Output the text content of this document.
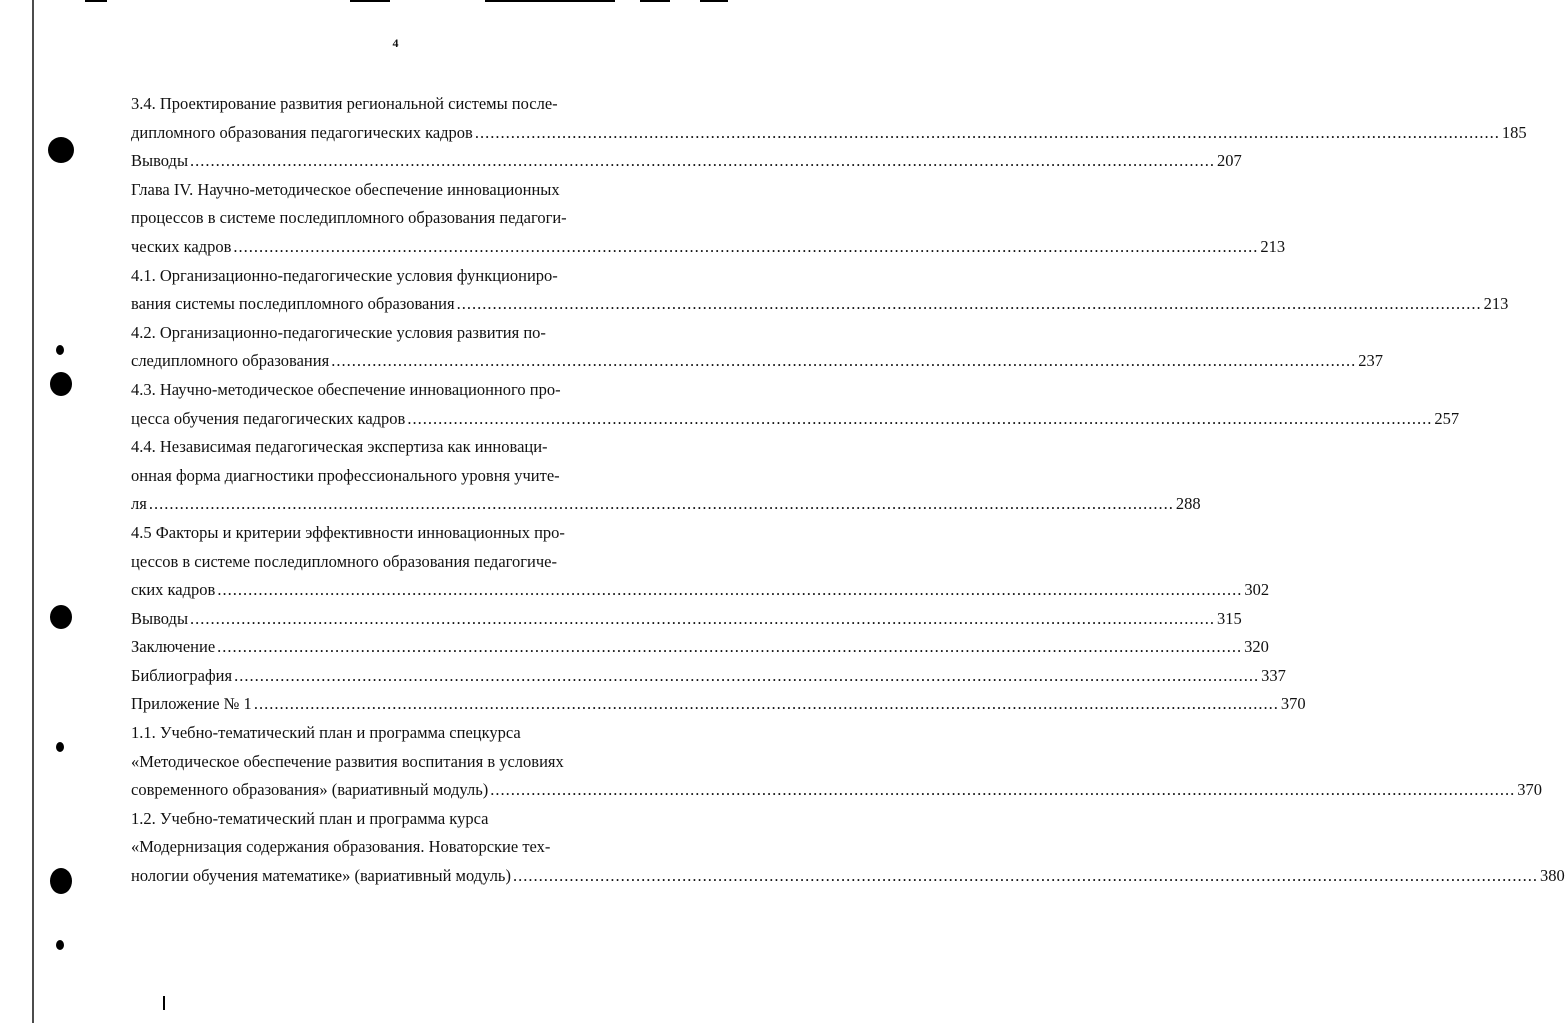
4
3.4. Проектирование развития региональной системы после-
дипломного образования педагогических кадров ........................................................................................................................................................................................................ 185
Выводы ........................................................................................................................................................................................................ 207
Глава IV. Научно-методическое обеспечение инновационных
процессов в системе последипломного образования педагоги-
ческих кадров ........................................................................................................................................................................................................ 213
4.1. Организационно-педагогические условия функциониро-
вания системы последипломного образования ........................................................................................................................................................................................................ 213
4.2. Организационно-педагогические условия развития по-
следипломного образования ........................................................................................................................................................................................................ 237
4.3. Научно-методическое обеспечение инновационного про-
цесса обучения педагогических кадров ........................................................................................................................................................................................................ 257
4.4. Независимая педагогическая экспертиза как инноваци-
онная форма диагностики профессионального уровня учите-
ля ........................................................................................................................................................................................................ 288
4.5 Факторы и критерии эффективности инновационных про-
цессов в системе последипломного образования педагогиче-
ских кадров ........................................................................................................................................................................................................ 302
Выводы ........................................................................................................................................................................................................ 315
Заключение ........................................................................................................................................................................................................ 320
Библиография ........................................................................................................................................................................................................ 337
Приложение № 1 ........................................................................................................................................................................................................ 370
1.1. Учебно-тематический план и программа спецкурса
«Методическое обеспечение развития воспитания в условиях
современного образования» (вариативный модуль) ........................................................................................................................................................................................................ 370
1.2. Учебно-тематический план и программа курса
«Модернизация содержания образования. Новаторские тех-
нологии обучения математике» (вариативный модуль) ........................................................................................................................................................................................................ 380
